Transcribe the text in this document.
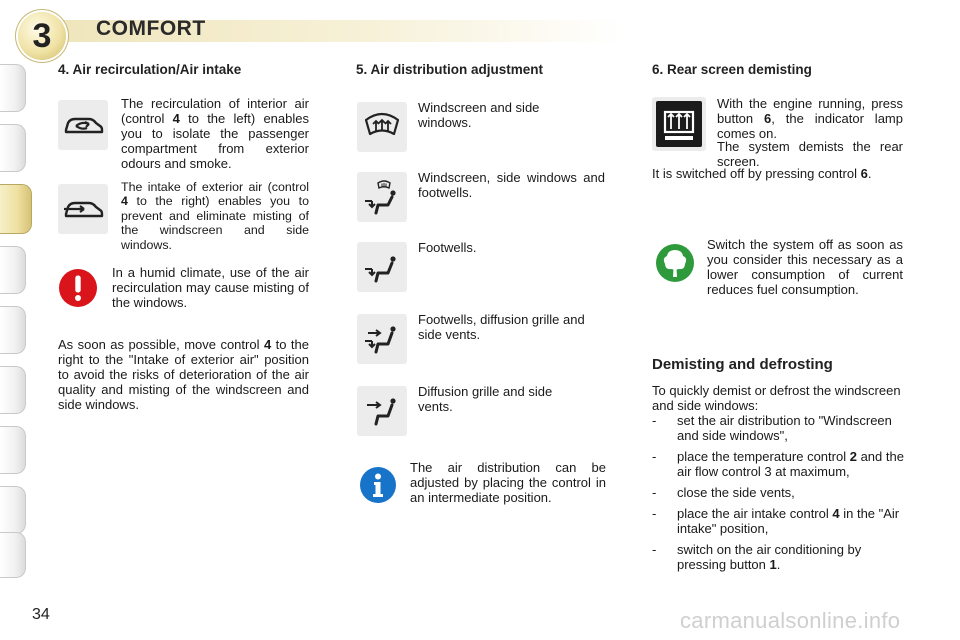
3	COMFORT
4. Air recirculation/Air intake
The recirculation of interior air (control 4 to the left) enables you to isolate the passenger compartment from exterior odours and smoke.
The intake of exterior air (control 4 to the right) enables you to prevent and eliminate misting of the windscreen and side windows.
In a humid climate, use of the air recirculation may cause misting of the windows.
As soon as possible, move control 4 to the right to the "Intake of exterior air" position to avoid the risks of deterioration of the air quality and misting of the windscreen and side windows.
5. Air distribution adjustment
Windscreen and side windows.
Windscreen, side windows and footwells.
Footwells.
Footwells, diffusion grille and side vents.
Diffusion grille and side vents.
The air distribution can be adjusted by placing the control in an intermediate position.
6. Rear screen demisting
With the engine running, press button 6, the indicator lamp comes on.
The system demists the rear screen.
It is switched off by pressing control 6.
Switch the system off as soon as you consider this necessary as a lower consumption of current reduces fuel consumption.
Demisting and defrosting
To quickly demist or defrost the windscreen and side windows:
- set the air distribution to "Windscreen and side windows",
- place the temperature control 2 and the air flow control 3 at maximum,
- close the side vents,
- place the air intake control 4 in the "Air intake" position,
- switch on the air conditioning by pressing button 1.
34	carmanualsonline.info
